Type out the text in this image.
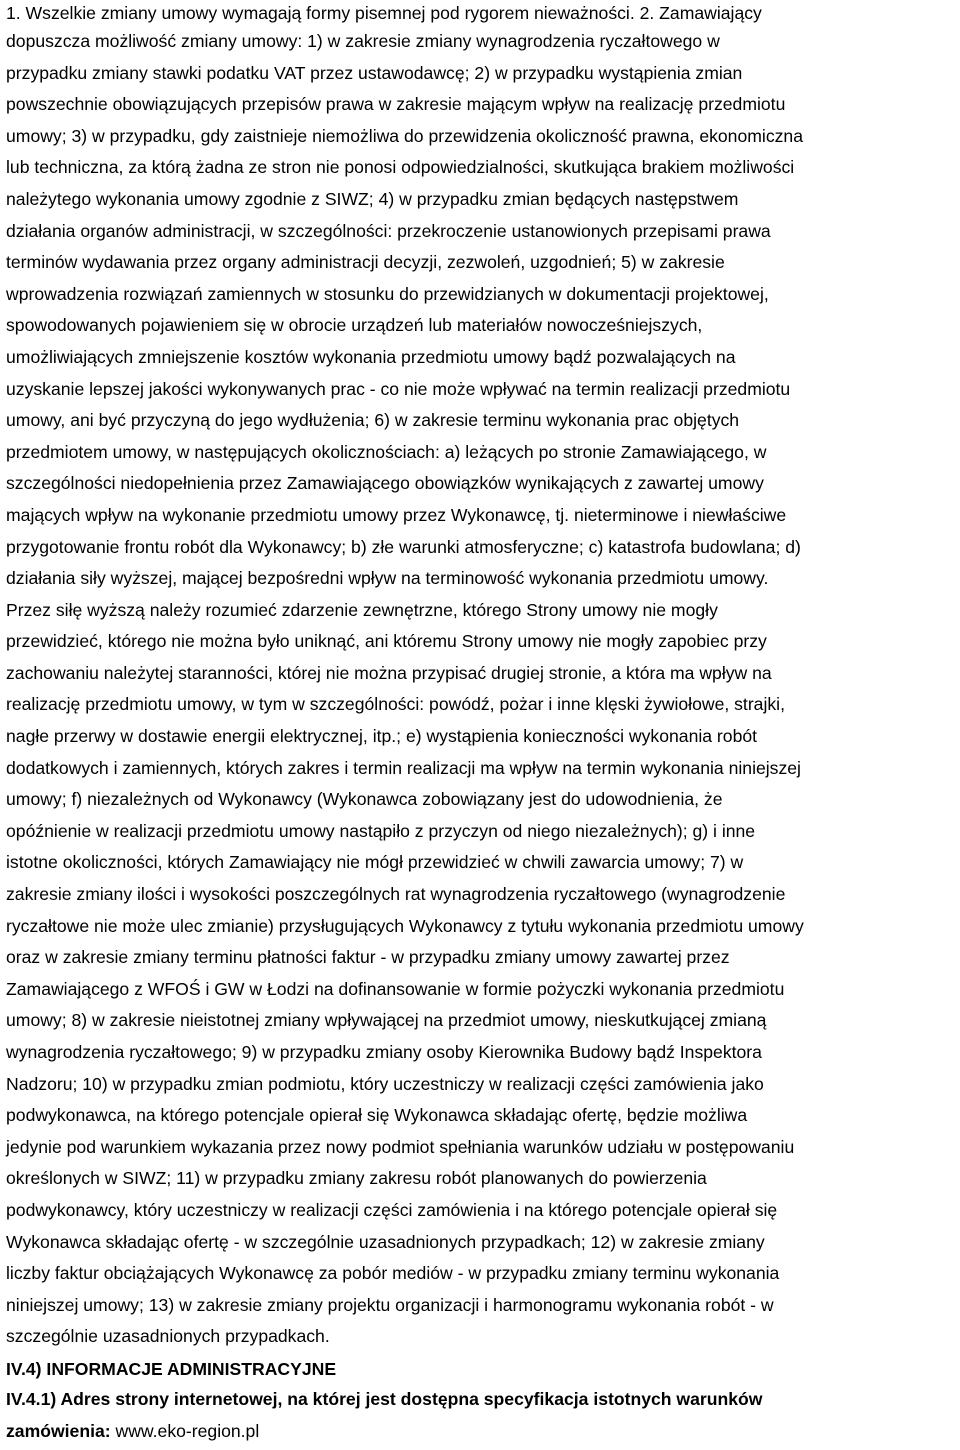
1. Wszelkie zmiany umowy wymagają formy pisemnej pod rygorem nieważności. 2. Zamawiający
dopuszcza możliwość zmiany umowy: 1) w zakresie zmiany wynagrodzenia ryczałtowego w
przypadku zmiany stawki podatku VAT przez ustawodawcę; 2) w przypadku wystąpienia zmian
powszechnie obowiązujących przepisów prawa w zakresie mającym wpływ na realizację przedmiotu
umowy; 3) w przypadku, gdy zaistnieje niemożliwa do przewidzenia okoliczność prawna, ekonomiczna
lub techniczna, za którą żadna ze stron nie ponosi odpowiedzialności, skutkująca brakiem możliwości
należytego wykonania umowy zgodnie z SIWZ; 4) w przypadku zmian będących następstwem
działania organów administracji, w szczególności: przekroczenie ustanowionych przepisami prawa
terminów wydawania przez organy administracji decyzji, zezwoleń, uzgodnień; 5) w zakresie
wprowadzenia rozwiązań zamiennych w stosunku do przewidzianych w dokumentacji projektowej,
spowodowanych pojawieniem się w obrocie urządzeń lub materiałów nowocześniejszych,
umożliwiających zmniejszenie kosztów wykonania przedmiotu umowy bądź pozwalających na
uzyskanie lepszej jakości wykonywanych prac - co nie może wpływać na termin realizacji przedmiotu
umowy, ani być przyczyną do jego wydłużenia; 6) w zakresie terminu wykonania prac objętych
przedmiotem umowy, w następujących okolicznościach: a) leżących po stronie Zamawiającego, w
szczególności niedopełnienia przez Zamawiającego obowiązków wynikających z zawartej umowy
mających wpływ na wykonanie przedmiotu umowy przez Wykonawcę, tj. nieterminowe i niewłaściwe
przygotowanie frontu robót dla Wykonawcy; b) złe warunki atmosferyczne; c) katastrofa budowlana; d)
działania siły wyższej, mającej bezpośredni wpływ na terminowość wykonania przedmiotu umowy.
Przez siłę wyższą należy rozumieć zdarzenie zewnętrzne, którego Strony umowy nie mogły
przewidzieć, którego nie można było uniknąć, ani któremu Strony umowy nie mogły zapobiec przy
zachowaniu należytej staranności, której nie można przypisać drugiej stronie, a która ma wpływ na
realizację przedmiotu umowy, w tym w szczególności: powódź, pożar i inne klęski żywiołowe, strajki,
nagłe przerwy w dostawie energii elektrycznej, itp.; e) wystąpienia konieczności wykonania robót
dodatkowych i zamiennych, których zakres i termin realizacji ma wpływ na termin wykonania niniejszej
umowy; f) niezależnych od Wykonawcy (Wykonawca zobowiązany jest do udowodnienia, że
opóźnienie w realizacji przedmiotu umowy nastąpiło z przyczyn od niego niezależnych); g) i inne
istotne okoliczności, których Zamawiający nie mógł przewidzieć w chwili zawarcia umowy; 7) w
zakresie zmiany ilości i wysokości poszczególnych rat wynagrodzenia ryczałtowego (wynagrodzenie
ryczałtowe nie może ulec zmianie) przysługujących Wykonawcy z tytułu wykonania przedmiotu umowy
oraz w zakresie zmiany terminu płatności faktur - w przypadku zmiany umowy zawartej przez
Zamawiającego z WFOŚ i GW w Łodzi na dofinansowanie w formie pożyczki wykonania przedmiotu
umowy; 8) w zakresie nieistotnej zmiany wpływającej na przedmiot umowy, nieskutkującej zmianą
wynagrodzenia ryczałtowego; 9) w przypadku zmiany osoby Kierownika Budowy bądź Inspektora
Nadzoru; 10) w przypadku zmian podmiotu, który uczestniczy w realizacji części zamówienia jako
podwykonawca, na którego potencjale opierał się Wykonawca składając ofertę, będzie możliwa
jedynie pod warunkiem wykazania przez nowy podmiot spełniania warunków udziału w postępowaniu
określonych w SIWZ; 11) w przypadku zmiany zakresu robót planowanych do powierzenia
podwykonawcy, który uczestniczy w realizacji części zamówienia i na którego potencjale opierał się
Wykonawca składając ofertę - w szczególnie uzasadnionych przypadkach; 12) w zakresie zmiany
liczby faktur obciążających Wykonawcę za pobór mediów - w przypadku zmiany terminu wykonania
niniejszej umowy; 13) w zakresie zmiany projektu organizacji i harmonogramu wykonania robót - w
szczególnie uzasadnionych przypadkach.
IV.4) INFORMACJE ADMINISTRACYJNE
IV.4.1) Adres strony internetowej, na której jest dostępna specyfikacja istotnych warunków
zamówienia: www.eko-region.pl
